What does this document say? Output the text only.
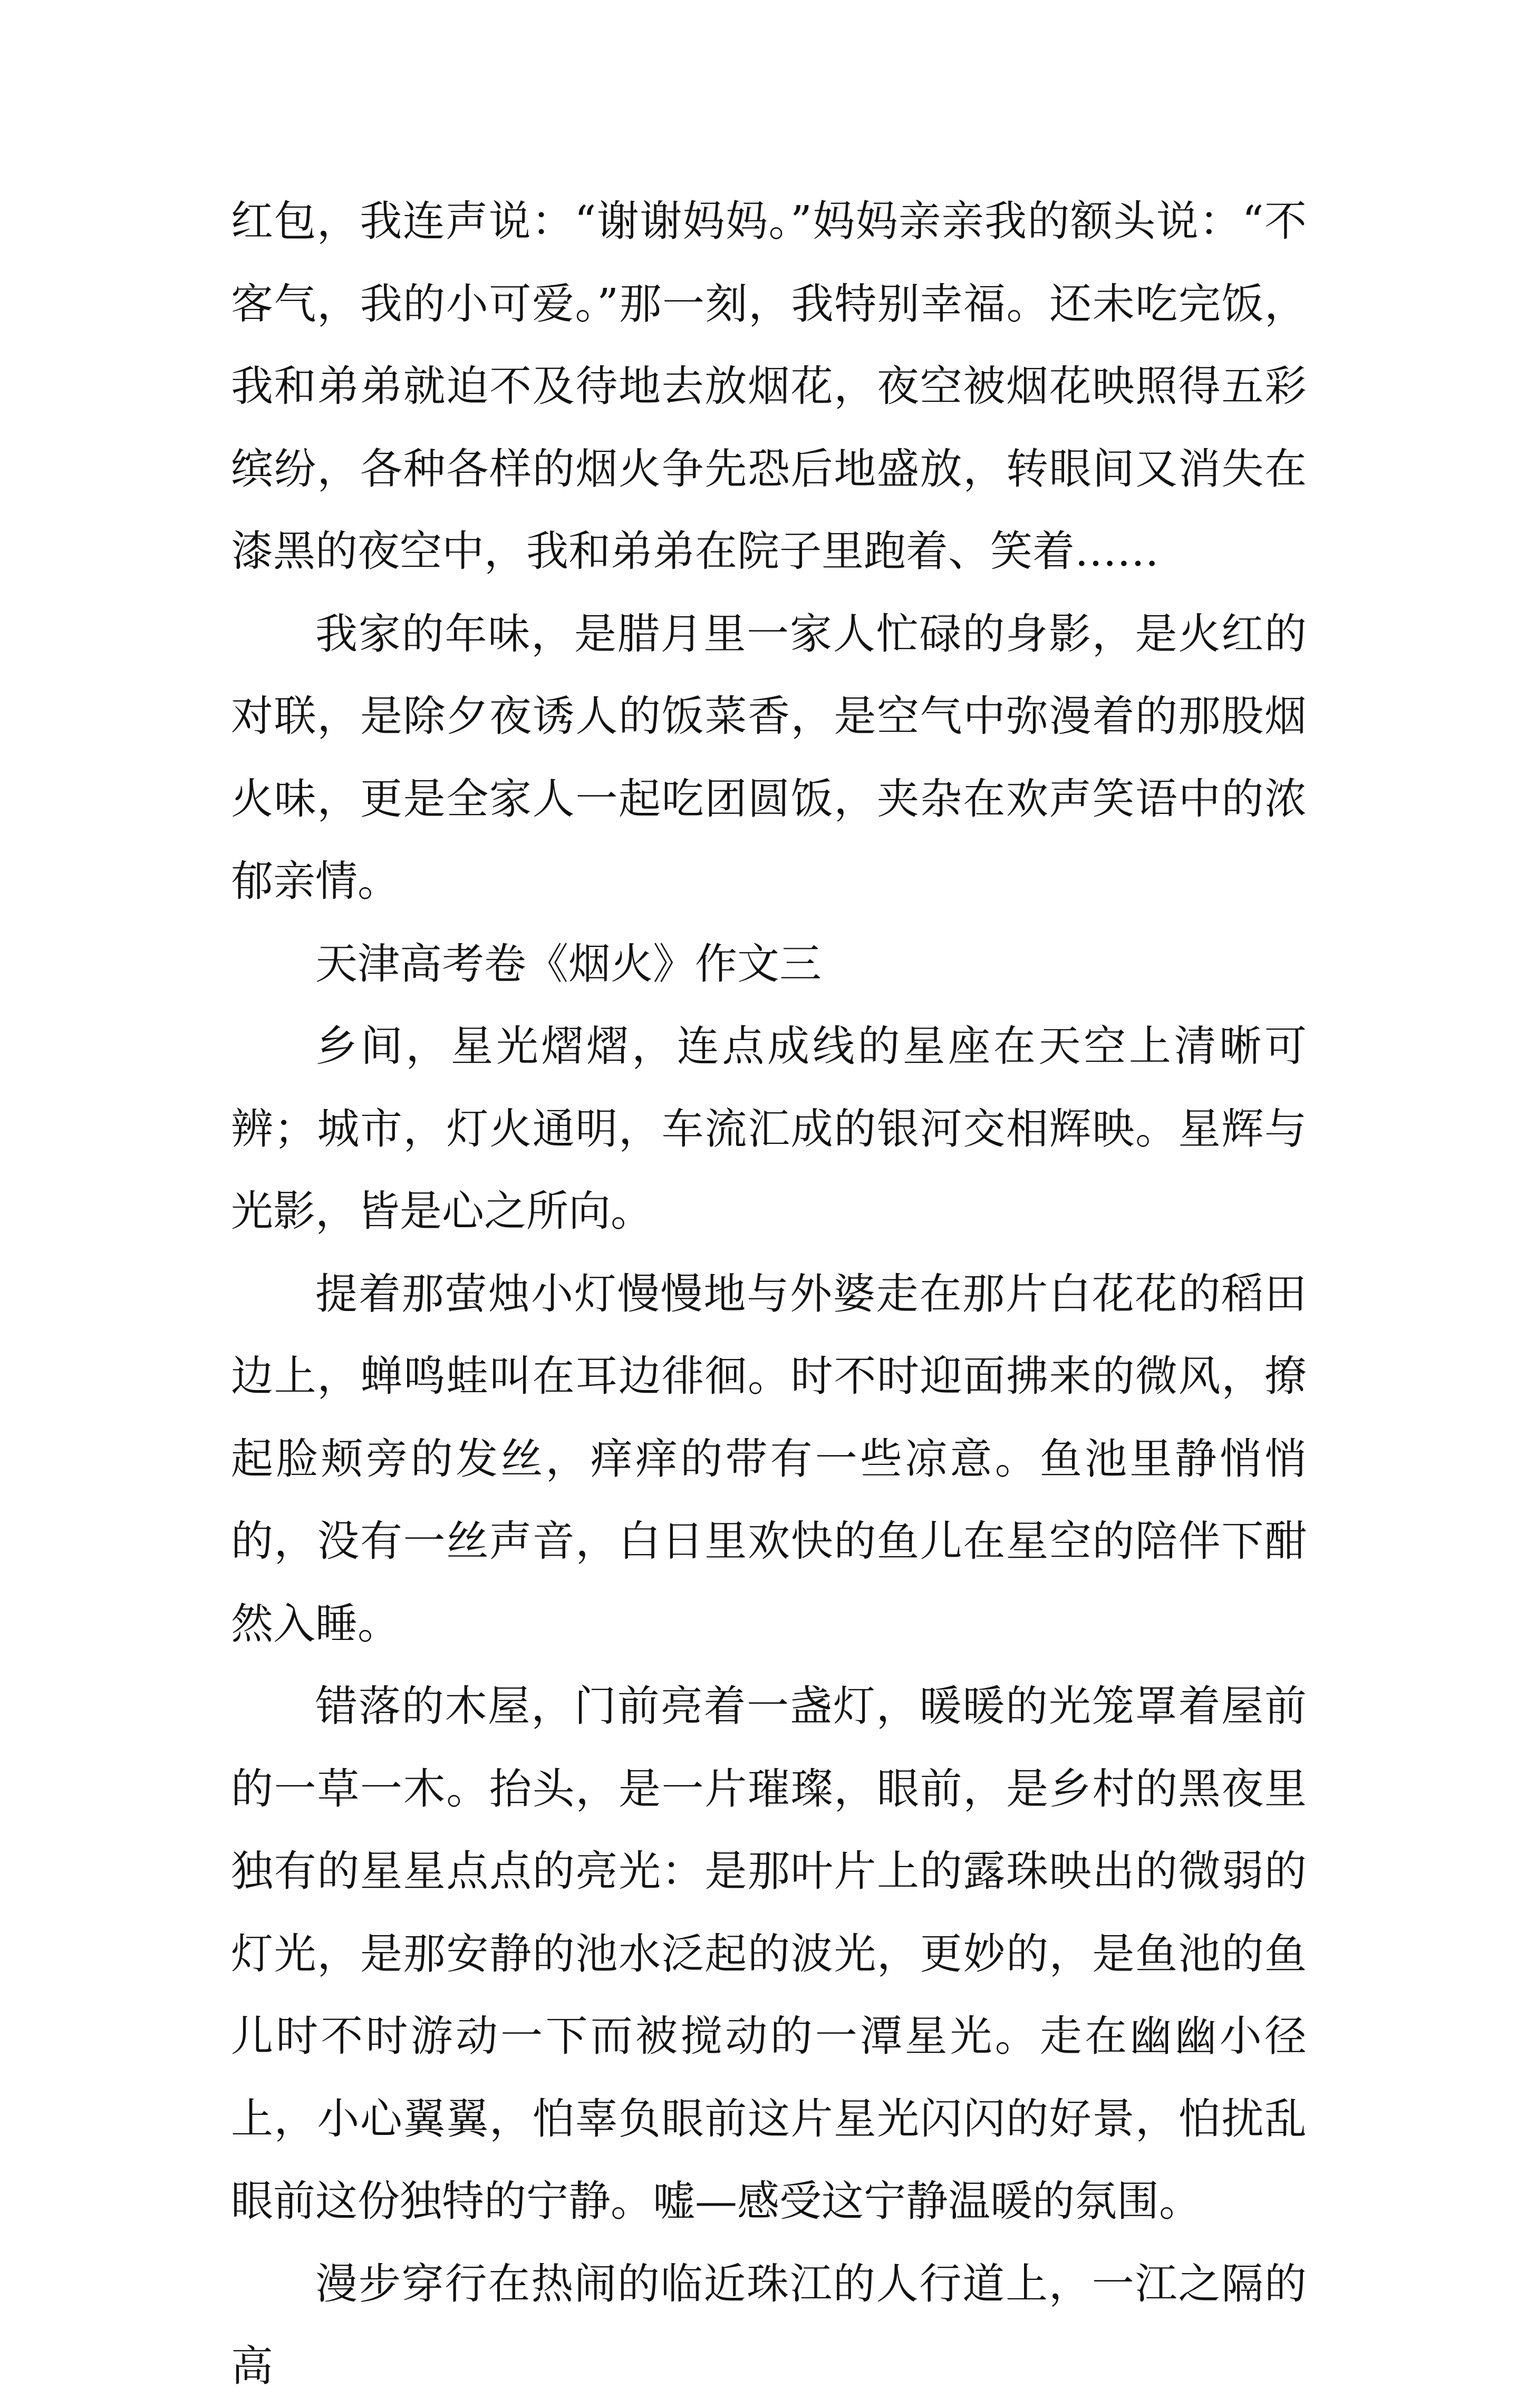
红包，我连声说：“谢谢妈妈。”妈妈亲亲我的额头说：“不客气，我的小可爱。”那一刻，我特别幸福。还未吃完饭，我和弟弟就迫不及待地去放烟花，夜空被烟花映照得五彩缤纷，各种各样的烟火争先恐后地盛放，转眼间又消失在漆黑的夜空中，我和弟弟在院子里跑着、笑着……

我家的年味，是腊月里一家人忙碌的身影，是火红的对联，是除夕夜诱人的饭菜香，是空气中弥漫着的那股烟火味，更是全家人一起吃团圆饭，夹杂在欢声笑语中的浓郁亲情。

天津高考卷《烟火》作文三

乡间，星光熠熠，连点成线的星座在天空上清晰可辨；城市，灯火通明，车流汇成的银河交相辉映。星辉与光影，皆是心之所向。

提着那萤烛小灯慢慢地与外婆走在那片白花花的稻田边上，蝉鸣蛙叫在耳边徘徊。时不时迎面拂来的微风，撩起脸颊旁的发丝，痒痒的带有一些凉意。鱼池里静悄悄的，没有一丝声音，白日里欢快的鱼儿在星空的陪伴下酣然入睡。

错落的木屋，门前亮着一盏灯，暖暖的光笼罩着屋前的一草一木。抬头，是一片璀璨，眼前，是乡村的黑夜里独有的星星点点的亮光：是那叶片上的露珠映出的微弱的灯光，是那安静的池水泛起的波光，更妙的，是鱼池的鱼儿时不时游动一下而被搅动的一潭星光。走在幽幽小径上，小心翼翼，怕辜负眼前这片星光闪闪的好景，怕扰乱眼前这份独特的宁静。嘘—感受这宁静温暖的氛围。

漫步穿行在热闹的临近珠江的人行道上，一江之隔的高
